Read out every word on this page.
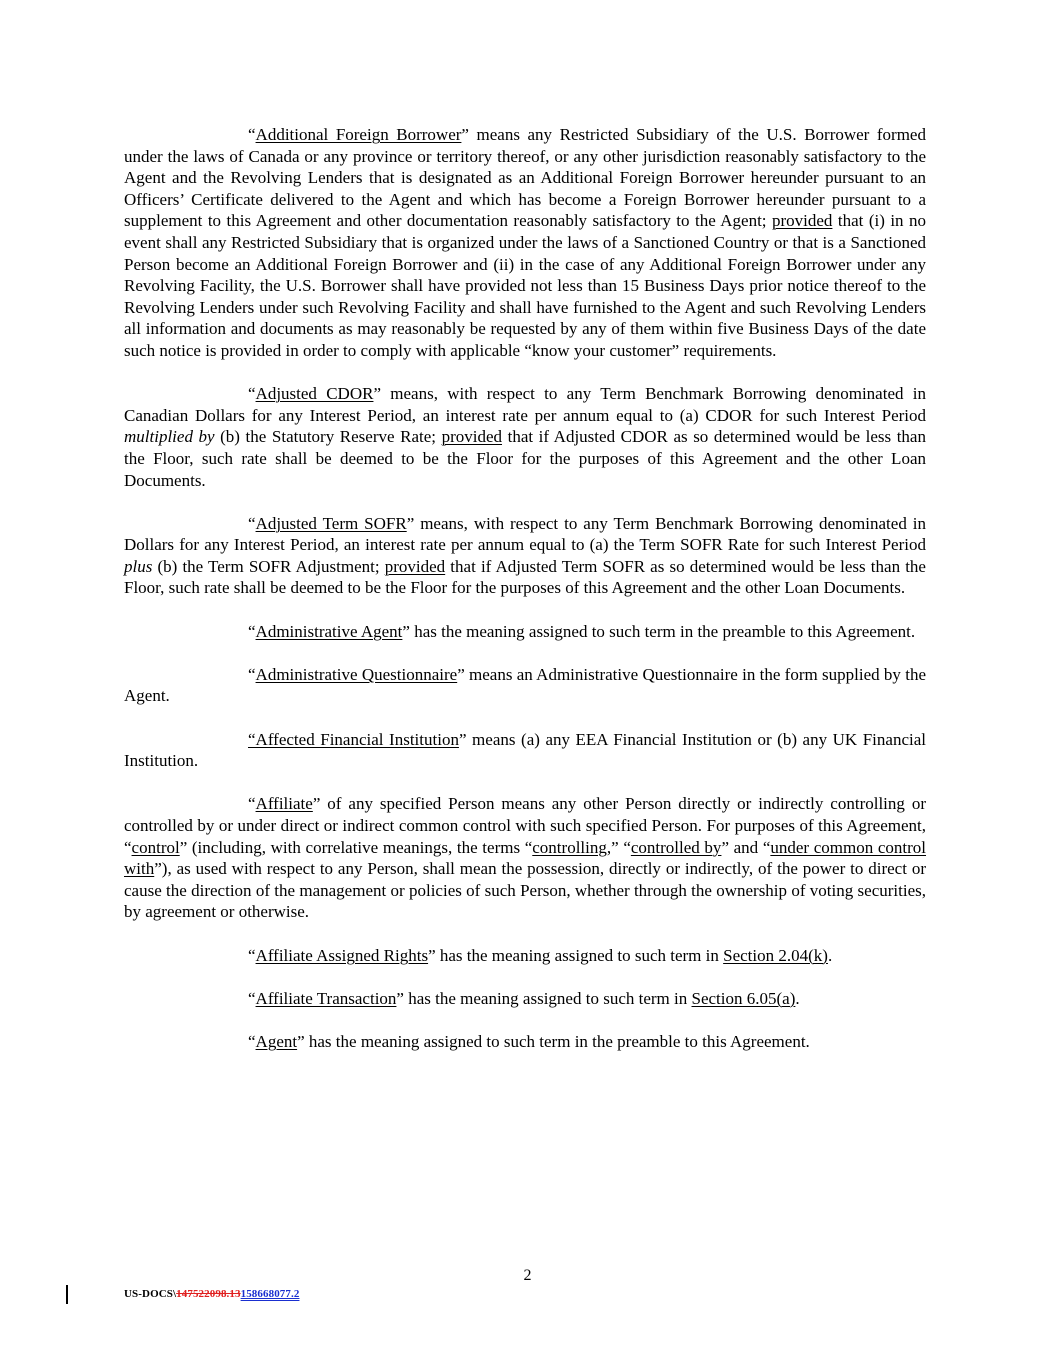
“Additional Foreign Borrower” means any Restricted Subsidiary of the U.S. Borrower formed under the laws of Canada or any province or territory thereof, or any other jurisdiction reasonably satisfactory to the Agent and the Revolving Lenders that is designated as an Additional Foreign Borrower hereunder pursuant to an Officers’ Certificate delivered to the Agent and which has become a Foreign Borrower hereunder pursuant to a supplement to this Agreement and other documentation reasonably satisfactory to the Agent; provided that (i) in no event shall any Restricted Subsidiary that is organized under the laws of a Sanctioned Country or that is a Sanctioned Person become an Additional Foreign Borrower and (ii) in the case of any Additional Foreign Borrower under any Revolving Facility, the U.S. Borrower shall have provided not less than 15 Business Days prior notice thereof to the Revolving Lenders under such Revolving Facility and shall have furnished to the Agent and such Revolving Lenders all information and documents as may reasonably be requested by any of them within five Business Days of the date such notice is provided in order to comply with applicable “know your customer” requirements.

“Adjusted CDOR” means, with respect to any Term Benchmark Borrowing denominated in Canadian Dollars for any Interest Period, an interest rate per annum equal to (a) CDOR for such Interest Period multiplied by (b) the Statutory Reserve Rate; provided that if Adjusted CDOR as so determined would be less than the Floor, such rate shall be deemed to be the Floor for the purposes of this Agreement and the other Loan Documents.

“Adjusted Term SOFR” means, with respect to any Term Benchmark Borrowing denominated in Dollars for any Interest Period, an interest rate per annum equal to (a) the Term SOFR Rate for such Interest Period plus (b) the Term SOFR Adjustment; provided that if Adjusted Term SOFR as so determined would be less than the Floor, such rate shall be deemed to be the Floor for the purposes of this Agreement and the other Loan Documents.

“Administrative Agent” has the meaning assigned to such term in the preamble to this Agreement.

“Administrative Questionnaire” means an Administrative Questionnaire in the form supplied by the Agent.

“Affected Financial Institution” means (a) any EEA Financial Institution or (b) any UK Financial Institution.

“Affiliate” of any specified Person means any other Person directly or indirectly controlling or controlled by or under direct or indirect common control with such specified Person. For purposes of this Agreement, “control” (including, with correlative meanings, the terms “controlling,” “controlled by” and “under common control with”), as used with respect to any Person, shall mean the possession, directly or indirectly, of the power to direct or cause the direction of the management or policies of such Person, whether through the ownership of voting securities, by agreement or otherwise.

“Affiliate Assigned Rights” has the meaning assigned to such term in Section 2.04(k).

“Affiliate Transaction” has the meaning assigned to such term in Section 6.05(a).

“Agent” has the meaning assigned to such term in the preamble to this Agreement.

2
US-DOCS\147522098.13158668077.2
